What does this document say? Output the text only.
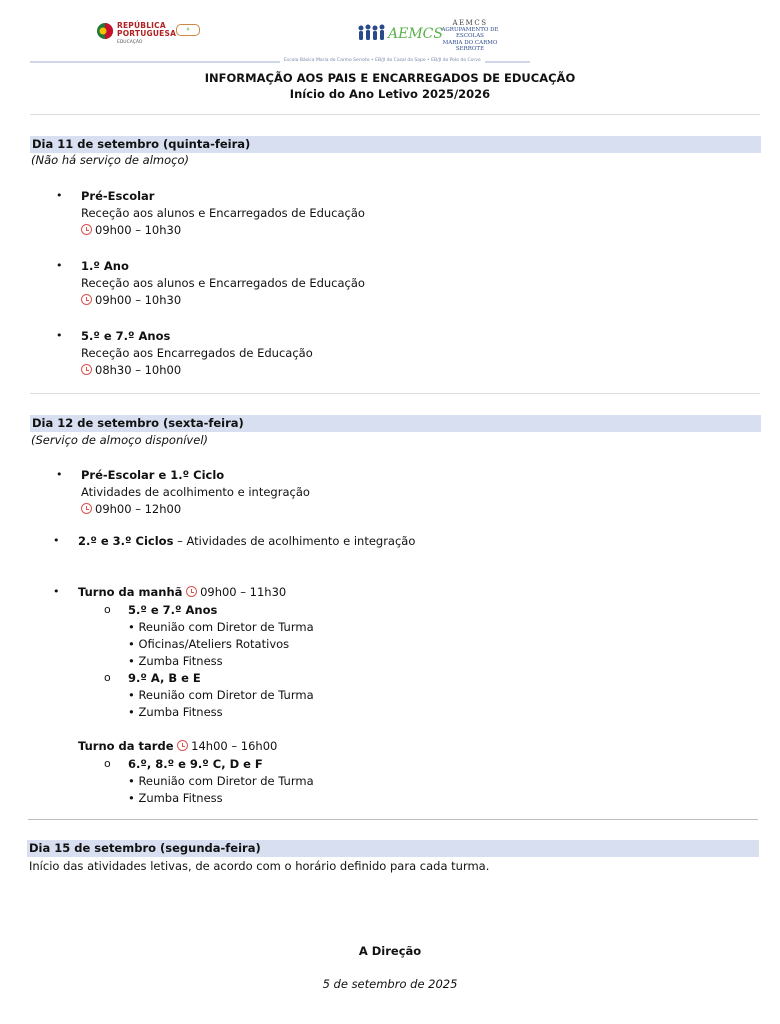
REPÚBLICA
PORTUGUESA
EDUCAÇÃO
⚘	AEMCS
AEMCS
AGRUPAMENTO DE ESCOLAS
MARIA DO CARMO
SERROTE
Escola Básica Maria do Carmo Serrote • EB/JI do Casal da Sapo • EB/JI do Polo do Corvo
INFORMAÇÃO AOS PAIS E ENCARREGADOS DE EDUCAÇÃO
Início do Ano Letivo 2025/2026
Dia 11 de setembro (quinta-feira)
(Não há serviço de almoço)
• Pré-Escolar
Receção aos alunos e Encarregados de Educação
09h00 – 10h30
• 1.º Ano
Receção aos alunos e Encarregados de Educação
09h00 – 10h30
• 5.º e 7.º Anos
Receção aos Encarregados de Educação
08h30 – 10h00
Dia 12 de setembro (sexta-feira)
(Serviço de almoço disponível)
• Pré-Escolar e 1.º Ciclo
Atividades de acolhimento e integração
09h00 – 12h00
• 2.º e 3.º Ciclos – Atividades de acolhimento e integração
• Turno da manhã 09h00 – 11h30
o 5.º e 7.º Anos
• Reunião com Diretor de Turma
• Oficinas/Ateliers Rotativos
• Zumba Fitness
o 9.º A, B e E
• Reunião com Diretor de Turma
• Zumba Fitness
Turno da tarde 14h00 – 16h00
o 6.º, 8.º e 9.º C, D e F
• Reunião com Diretor de Turma
• Zumba Fitness
Dia 15 de setembro (segunda-feira)
Início das atividades letivas, de acordo com o horário definido para cada turma.
A Direção
5 de setembro de 2025
